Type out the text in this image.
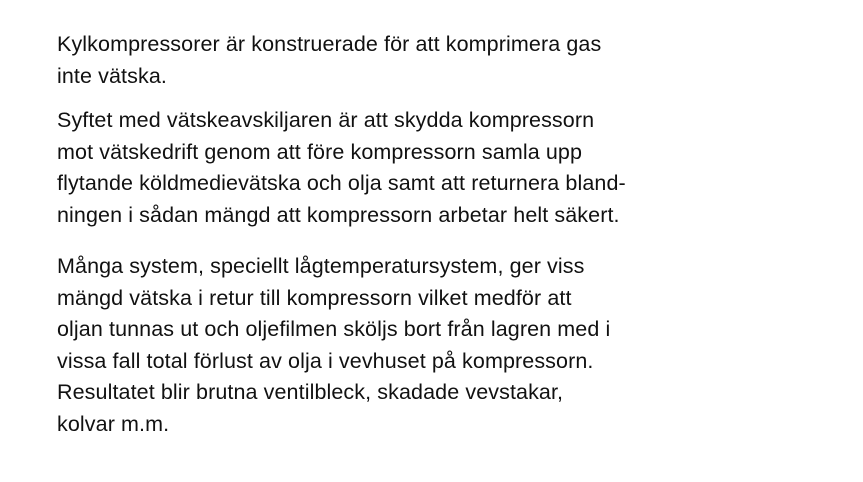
Kylkompressorer är konstruerade för att komprimera gas
inte vätska.

Syftet med vätskeavskiljaren är att skydda kompressorn
mot vätskedrift genom att före kompressorn samla upp
flytande köldmedievätska och olja samt att returnera bland-
ningen i sådan mängd att kompressorn arbetar helt säkert.

Många system, speciellt lågtemperatursystem, ger viss
mängd vätska i retur till kompressorn vilket medför att
oljan tunnas ut och oljefilmen sköljs bort från lagren med i
vissa fall total förlust av olja i vevhuset på kompressorn.
Resultatet blir brutna ventilbleck, skadade vevstakar,
kolvar m.m.
